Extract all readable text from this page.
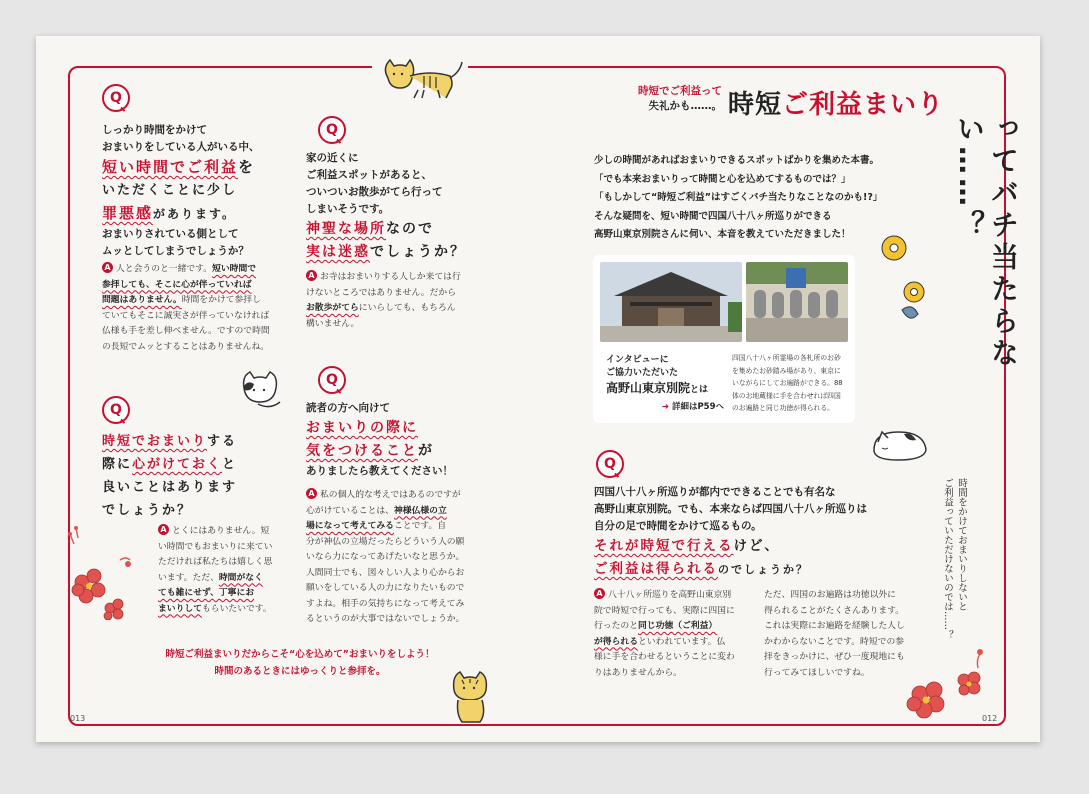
Q
しっかり時間をかけて
おまいりをしている人がいる中、
短い時間でご利益を
いただくことに少し
罪悪感があります。
おまいりされている側として
ムッとしてしまうでしょうか？
A 人と会うのと一緒です。短い時間で
参拝しても、そこに心が伴っていれば
問題はありません。時間をかけて参拝し
ていてもそこに誠実さが伴っていなければ
仏様も手を差し伸べません。ですので時間
の長短でムッとすることはありませんね。
Q
時短でおまいりする
際に心がけておくと
良いことはあります
でしょうか？
A とくにはありません。短
い時間でもおまいりに来てい
ただければ私たちは嬉しく思
います。ただ、時間がなく
ても雑にせず、丁寧にお
まいりしてもらいたいです。
Q
家の近くに
ご利益スポットがあると、
ついついお散歩がてら行って
しまいそうです。
神聖な場所なので
実は迷惑でしょうか？
A お寺はおまいりする人しか来ては行
けないところではありません。だから
お散歩がてらにいらしても、もちろん
構いません。
Q
読者の方へ向けて
おまいりの際に
気をつけることが
ありましたら教えてください！
A 私の個人的な考えではあるのですが
心がけていることは、神様仏様の立
場になって考えてみることです。自
分が神仏の立場だったらどういう人の願
いなら力になってあげたいなと思うか。
人間同士でも、図々しい人より心からお
願いをしている人の力になりたいもので
すよね。相手の気持ちになって考えてみ
るというのが大事ではないでしょうか。
時短ご利益まいりだからこそ“心を込めて”おまいりをしよう！
時間のあるときにはゆっくりと参拝を。
013	012
時短でご利益って
失礼かも……。 時短ご利益まいり
ってバチ当たらない……？
時間をかけておまいりしないと
ご利益っていただけないのでは……？
少しの時間があればおまいりできるスポットばかりを集めた本書。
「でも本来おまいりって時間と心を込めてするものでは？」
「もしかして“時短ご利益”はすごくバチ当たりなことなのかも!?」
そんな疑問を、短い時間で四国八十八ヶ所巡りができる
高野山東京別院さんに伺い、本音を教えていただきました！
インタビューに
ご協力いただいた
高野山東京別院とは
➜ 詳細はP59へ
四国八十八ヶ所霊場の各札所のお砂
を集めたお砂踏み場があり、東京に
いながらにしてお遍路ができる。88
体のお地蔵様に手を合わせれば四国
のお遍路と同じ功徳が得られる。
Q
四国八十八ヶ所巡りが都内でできることでも有名な
高野山東京別院。でも、本来ならば四国八十八ヶ所巡りは
自分の足で時間をかけて巡るもの。
それが時短で行えるけど、
ご利益は得られるのでしょうか？
A 八十八ヶ所巡りを高野山東京別
院で時短で行っても、実際に四国に
行ったのと同じ功徳（ご利益）
が得られるといわれています。仏
様に手を合わせるということに変わ
りはありませんから。
ただ、四国のお遍路は功徳以外に
得られることがたくさんあります。
これは実際にお遍路を経験した人し
かわからないことです。時短での参
拝をきっかけに、ぜひ一度現地にも
行ってみてほしいですね。
